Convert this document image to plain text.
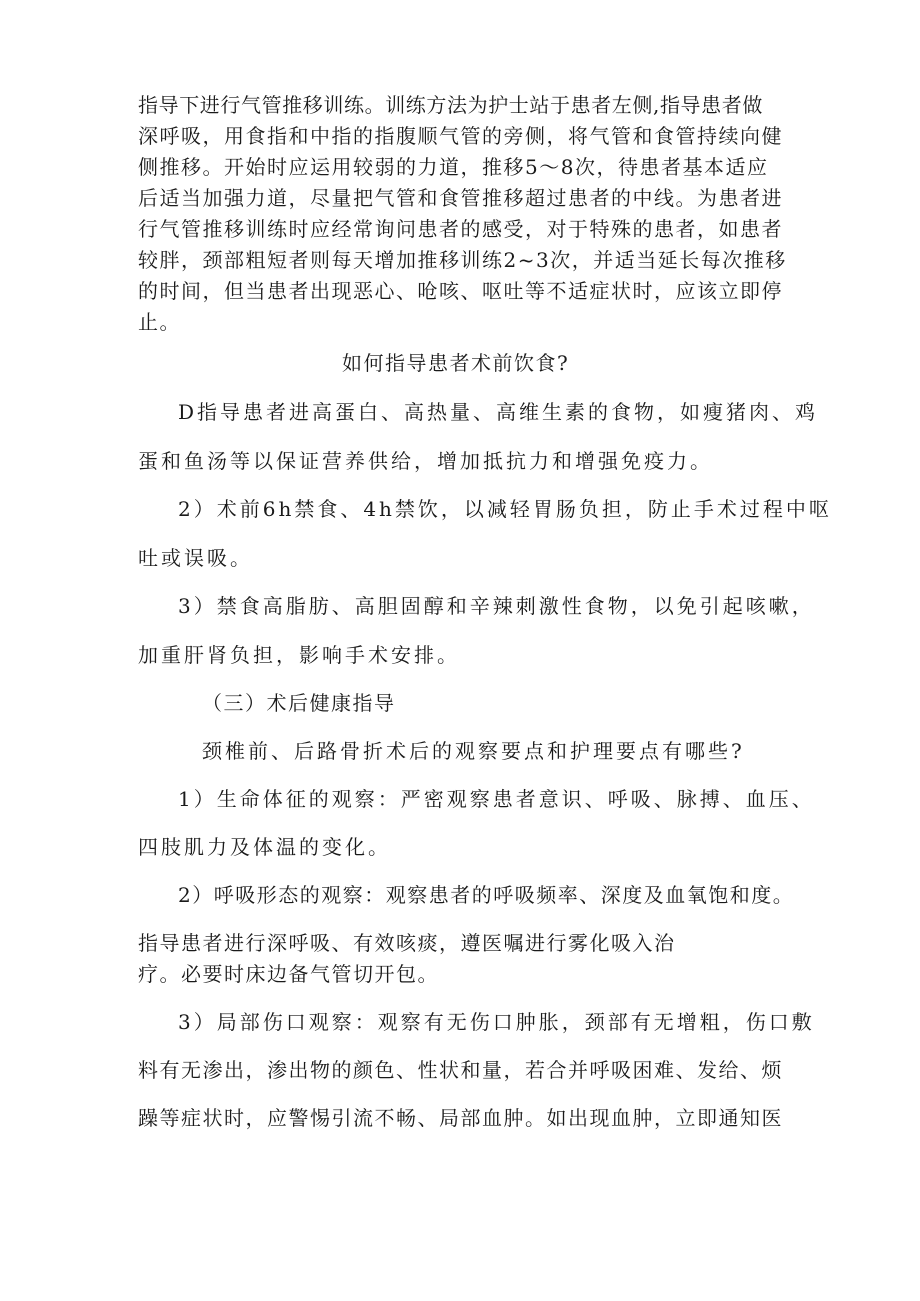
指导下进行气管推移训练。训练方法为护士站于患者左侧,指导患者做
深呼吸，用食指和中指的指腹顺气管的旁侧，将气管和食管持续向健
侧推移。开始时应运用较弱的力道，推移5～8次，待患者基本适应
后适当加强力道，尽量把气管和食管推移超过患者的中线。为患者进
行气管推移训练时应经常询问患者的感受，对于特殊的患者，如患者
较胖，颈部粗短者则每天增加推移训练2~3次，并适当延长每次推移
的时间，但当患者出现恶心、呛咳、呕吐等不适症状时，应该立即停
止。
如何指导患者术前饮食?
D指导患者进高蛋白、高热量、高维生素的食物，如瘦猪肉、鸡
蛋和鱼汤等以保证营养供给，增加抵抗力和增强免疫力。
2）术前6h禁食、4h禁饮，以减轻胃肠负担，防止手术过程中呕
吐或误吸。
3）禁食高脂肪、高胆固醇和辛辣刺激性食物，以免引起咳嗽，
加重肝肾负担，影响手术安排。
（三）术后健康指导
颈椎前、后路骨折术后的观察要点和护理要点有哪些?
1）生命体征的观察：严密观察患者意识、呼吸、脉搏、血压、
四肢肌力及体温的变化。
2）呼吸形态的观察：观察患者的呼吸频率、深度及血氧饱和度。
指导患者进行深呼吸、有效咳痰，遵医嘱进行雾化吸入治
疗。必要时床边备气管切开包。
3）局部伤口观察：观察有无伤口肿胀，颈部有无增粗，伤口敷
料有无渗出，渗出物的颜色、性状和量，若合并呼吸困难、发给、烦
躁等症状时，应警惕引流不畅、局部血肿。如出现血肿，立即通知医
